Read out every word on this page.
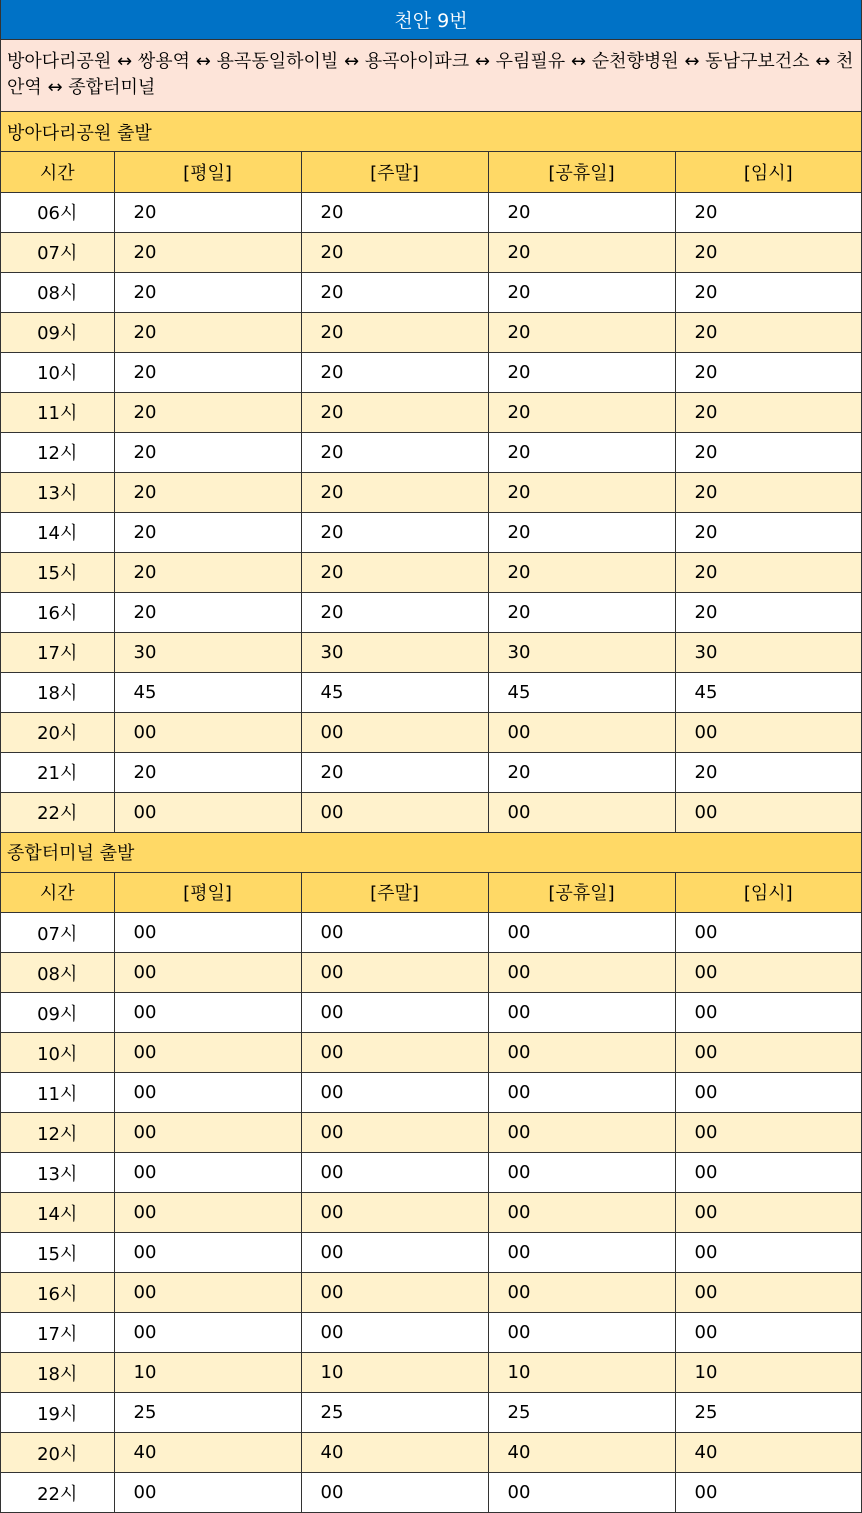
천안 9번
방아다리공원 ↔ 쌍용역 ↔ 용곡동일하이빌 ↔ 용곡아이파크 ↔ 우림필유 ↔ 순천향병원 ↔ 동남구보건소 ↔ 천안역 ↔ 종합터미널
방아다리공원 출발
시간	[평일]	[주말]	[공휴일]	[임시]
06시	20	20	20	20
07시	20	20	20	20
08시	20	20	20	20
09시	20	20	20	20
10시	20	20	20	20
11시	20	20	20	20
12시	20	20	20	20
13시	20	20	20	20
14시	20	20	20	20
15시	20	20	20	20
16시	20	20	20	20
17시	30	30	30	30
18시	45	45	45	45
20시	00	00	00	00
21시	20	20	20	20
22시	00	00	00	00
종합터미널 출발
시간	[평일]	[주말]	[공휴일]	[임시]
07시	00	00	00	00
08시	00	00	00	00
09시	00	00	00	00
10시	00	00	00	00
11시	00	00	00	00
12시	00	00	00	00
13시	00	00	00	00
14시	00	00	00	00
15시	00	00	00	00
16시	00	00	00	00
17시	00	00	00	00
18시	10	10	10	10
19시	25	25	25	25
20시	40	40	40	40
22시	00	00	00	00
